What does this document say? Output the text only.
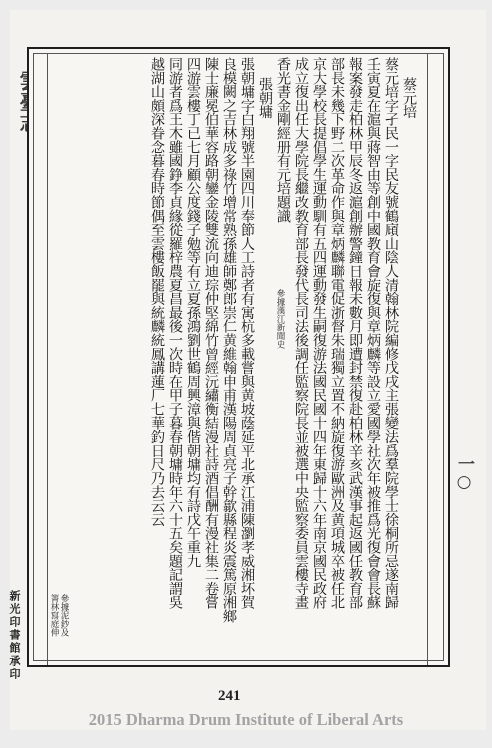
一○
蔡元培
蔡元培字孑民一字民友號鶴廎山陰人清翰林院編修戊戌主張變法爲羣院學士徐桐所忌遂南歸
壬寅夏在滬與蔣智由等創中國教育會旋復與章炳麟等設立愛國學社次年被推爲光復會會長蘇
報案發走柏林甲辰冬返滬創辦警鐘日報未數月即遭封禁復赴柏林辛亥武漢事起返國任教育部
部長未幾下野二次革命作與章炳麟聯電促浙督朱瑞獨立置不納旋復游歐洲及黄項城卒被任北
京大學校長提倡學生運動馴有五四運動發生嗣復游法國民國十四年東歸十六年南京國民政府
成立復出任大學院長繼改教育部長發代長司法後調任監察院長並被選中央監察委員雲樓寺畫
香光書金剛經册有元培題識
參據漢江新聞史
張朝墉
張朝墉字白翔號半園四川奉節人工詩者有寓杭多載嘗與黄坡蔭延平北承江浦陳瀏孝威湘坏賀
良模闕之吉林成多祿竹增常熟孫雄師鄭郎崇仁黄維翰申甫漢陽周貞亮子幹歙縣程炎震篤原湘鄉
陳士廉冕伯華容路朝鑾金陵雙流向迪琮仲堅綿竹曾經沅繡衡結漫社詩酒倡酬有漫社集二卷嘗
四游雲樓丁已七月顧公度錢子勉等有立夏孫鴻劉世鶴周興漳與偕朝墉均有詩戊午重九
同游者爲王木雖國錚李貞緣從羅梓農夏昌最後一次時在甲子暮春朝墉時年六十五矣題記謂吳
越湖山頗深眷念暮春時節偶至雲樓飯罷與統麟統鳳講蓮厂七華釣日尺乃去云云
參據泥鈔及
箐林寫庭伸
新光印書館承印
241
2015 Dharma Drum Institute of Liberal Arts
